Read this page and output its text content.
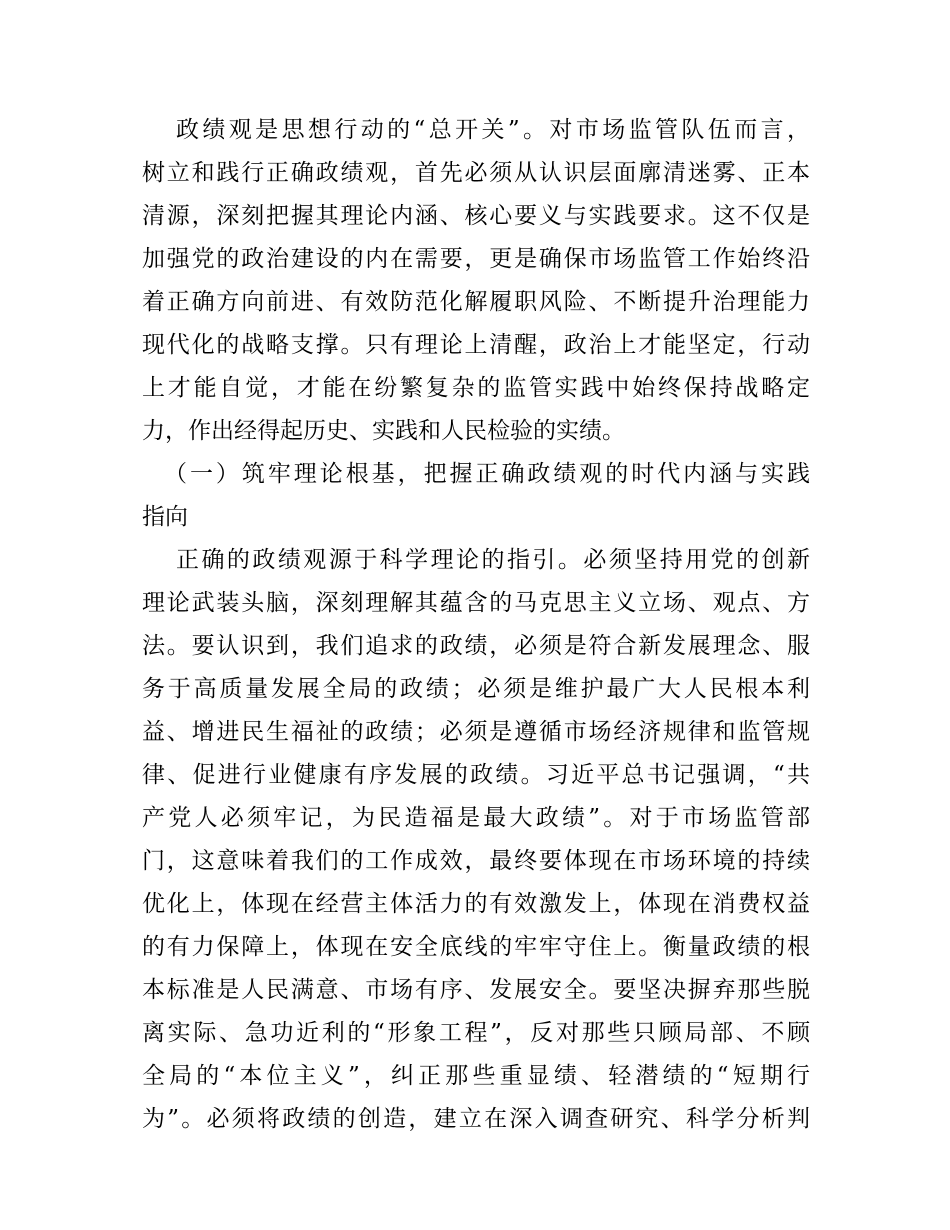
政绩观是思想行动的“总开关”。对市场监管队伍而言，
树立和践行正确政绩观，首先必须从认识层面廓清迷雾、正本
清源，深刻把握其理论内涵、核心要义与实践要求。这不仅是
加强党的政治建设的内在需要，更是确保市场监管工作始终沿
着正确方向前进、有效防范化解履职风险、不断提升治理能力
现代化的战略支撑。只有理论上清醒，政治上才能坚定，行动
上才能自觉，才能在纷繁复杂的监管实践中始终保持战略定
力，作出经得起历史、实践和人民检验的实绩。
（一）筑牢理论根基，把握正确政绩观的时代内涵与实践
指向
正确的政绩观源于科学理论的指引。必须坚持用党的创新
理论武装头脑，深刻理解其蕴含的马克思主义立场、观点、方
法。要认识到，我们追求的政绩，必须是符合新发展理念、服
务于高质量发展全局的政绩；必须是维护最广大人民根本利
益、增进民生福祉的政绩；必须是遵循市场经济规律和监管规
律、促进行业健康有序发展的政绩。习近平总书记强调，“共
产党人必须牢记，为民造福是最大政绩”。对于市场监管部
门，这意味着我们的工作成效，最终要体现在市场环境的持续
优化上，体现在经营主体活力的有效激发上，体现在消费权益
的有力保障上，体现在安全底线的牢牢守住上。衡量政绩的根
本标准是人民满意、市场有序、发展安全。要坚决摒弃那些脱
离实际、急功近利的“形象工程”，反对那些只顾局部、不顾
全局的“本位主义”，纠正那些重显绩、轻潜绩的“短期行
为”。必须将政绩的创造，建立在深入调查研究、科学分析判
